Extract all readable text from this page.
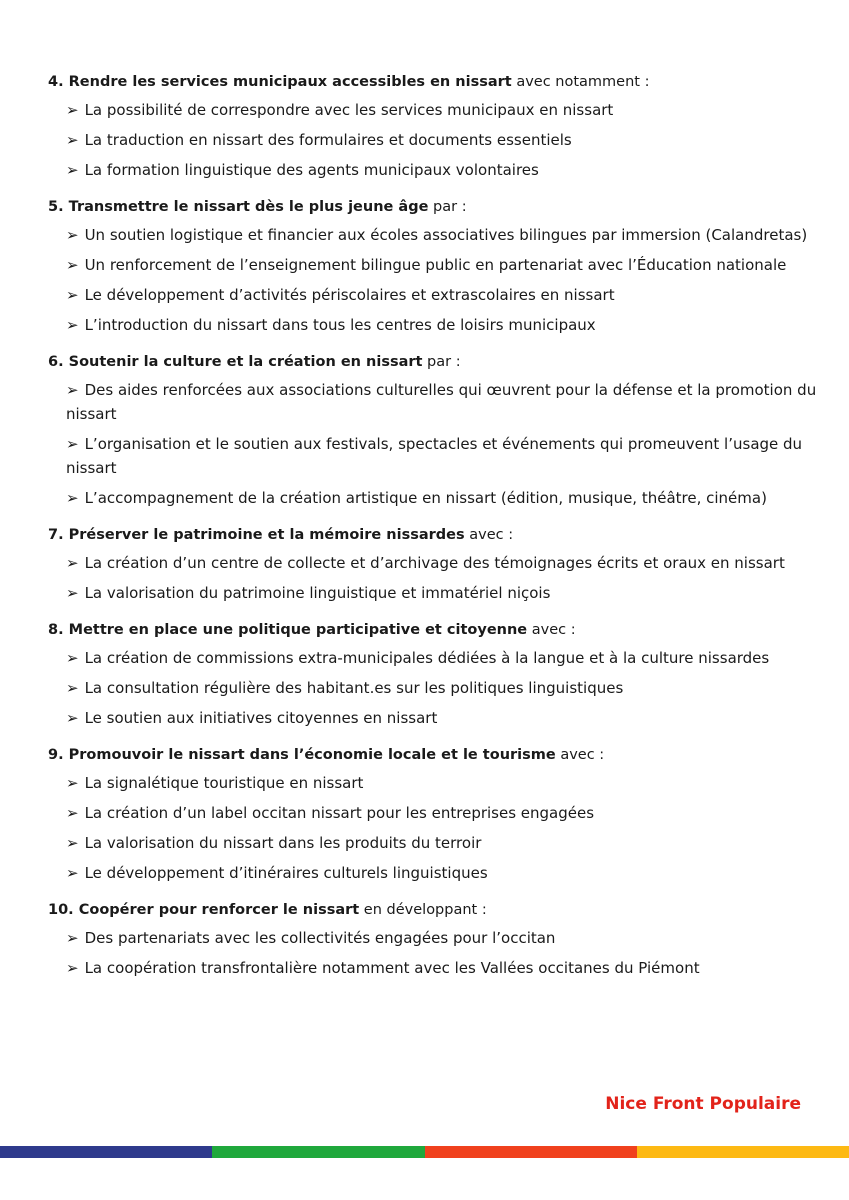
4. Rendre les services municipaux accessibles en nissart avec notamment :
➢ La possibilité de correspondre avec les services municipaux en nissart
➢ La traduction en nissart des formulaires et documents essentiels
➢ La formation linguistique des agents municipaux volontaires
5. Transmettre le nissart dès le plus jeune âge par :
➢ Un soutien logistique et financier aux écoles associatives bilingues par immersion (Calandretas)
➢ Un renforcement de l’enseignement bilingue public en partenariat avec l’Éducation nationale
➢ Le développement d’activités périscolaires et extrascolaires en nissart
➢ L’introduction du nissart dans tous les centres de loisirs municipaux
6. Soutenir la culture et la création en nissart par :
➢ Des aides renforcées aux associations culturelles qui œuvrent pour la défense et la promotion du nissart
➢ L’organisation et le soutien aux festivals, spectacles et événements qui promeuvent l’usage du nissart
➢ L’accompagnement de la création artistique en nissart (édition, musique, théâtre, cinéma)
7. Préserver le patrimoine et la mémoire nissardes avec :
➢ La création d’un centre de collecte et d’archivage des témoignages écrits et oraux en nissart
➢ La valorisation du patrimoine linguistique et immatériel niçois
8. Mettre en place une politique participative et citoyenne avec :
➢ La création de commissions extra-municipales dédiées à la langue et à la culture nissardes
➢ La consultation régulière des habitant.es sur les politiques linguistiques
➢ Le soutien aux initiatives citoyennes en nissart
9. Promouvoir le nissart dans l’économie locale et le tourisme avec :
➢ La signalétique touristique en nissart
➢ La création d’un label occitan nissart pour les entreprises engagées
➢ La valorisation du nissart dans les produits du terroir
➢ Le développement d’itinéraires culturels linguistiques
10. Coopérer pour renforcer le nissart en développant :
➢ Des partenariats avec les collectivités engagées pour l’occitan
➢ La coopération transfrontalière notamment avec les Vallées occitanes du Piémont
Nice Front Populaire
